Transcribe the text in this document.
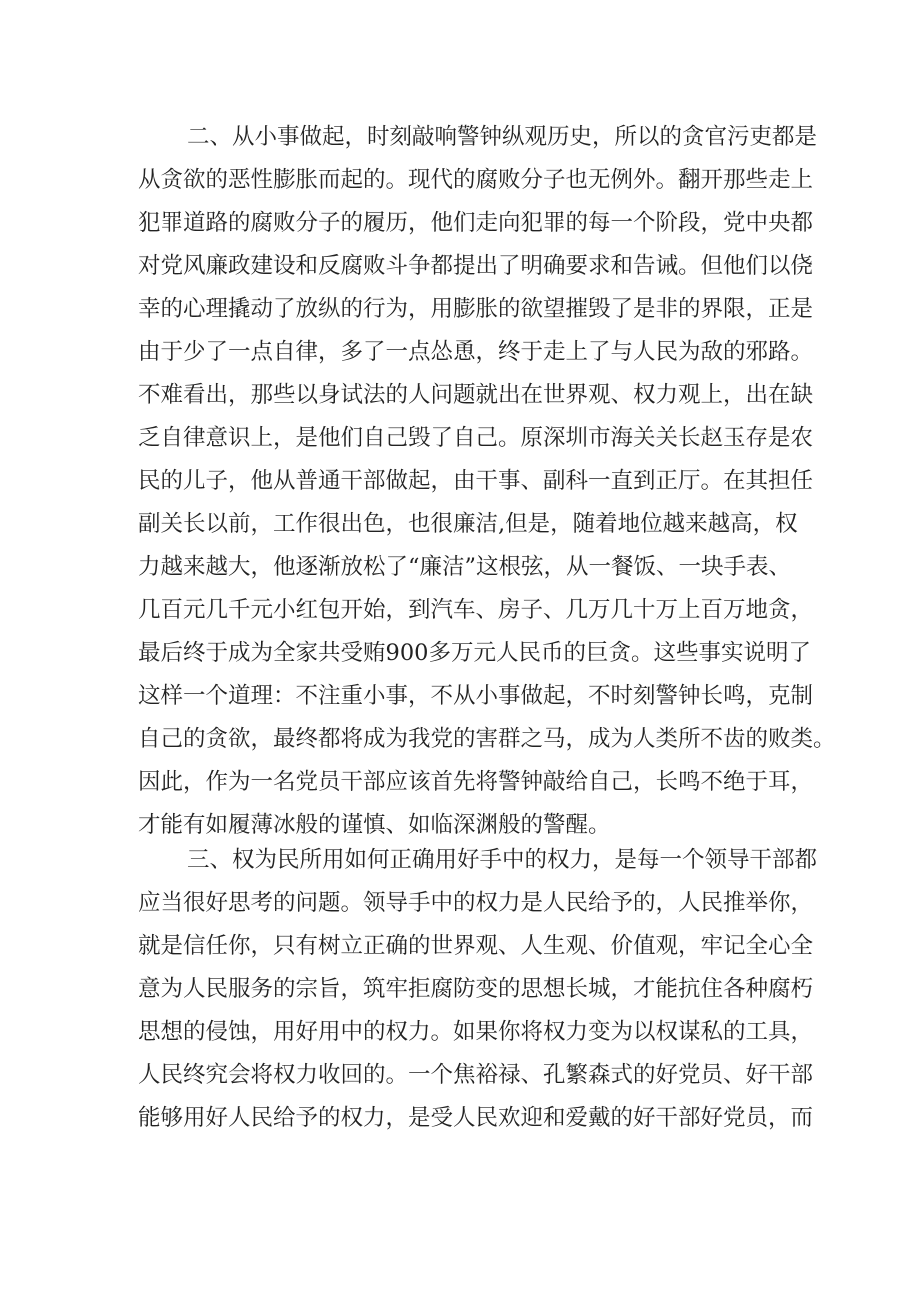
二、从小事做起，时刻敲响警钟纵观历史，所以的贪官污吏都是
从贪欲的恶性膨胀而起的。现代的腐败分子也无例外。翻开那些走上
犯罪道路的腐败分子的履历，他们走向犯罪的每一个阶段，党中央都
对党风廉政建设和反腐败斗争都提出了明确要求和告诫。但他们以侥
幸的心理撬动了放纵的行为，用膨胀的欲望摧毁了是非的界限，正是
由于少了一点自律，多了一点怂恿，终于走上了与人民为敌的邪路。
不难看出，那些以身试法的人问题就出在世界观、权力观上，出在缺
乏自律意识上，是他们自己毁了自己。原深圳市海关关长赵玉存是农
民的儿子，他从普通干部做起，由干事、副科一直到正厅。在其担任
副关长以前，工作很出色，也很廉洁,但是，随着地位越来越高，权
力越来越大，他逐渐放松了“廉洁”这根弦，从一餐饭、一块手表、
几百元几千元小红包开始，到汽车、房子、几万几十万上百万地贪，
最后终于成为全家共受贿900多万元人民币的巨贪。这些事实说明了
这样一个道理：不注重小事，不从小事做起，不时刻警钟长鸣，克制
自己的贪欲，最终都将成为我党的害群之马，成为人类所不齿的败类。
因此，作为一名党员干部应该首先将警钟敲给自己，长鸣不绝于耳，
才能有如履薄冰般的谨慎、如临深渊般的警醒。
三、权为民所用如何正确用好手中的权力，是每一个领导干部都
应当很好思考的问题。领导手中的权力是人民给予的，人民推举你，
就是信任你，只有树立正确的世界观、人生观、价值观，牢记全心全
意为人民服务的宗旨，筑牢拒腐防变的思想长城，才能抗住各种腐朽
思想的侵蚀，用好用中的权力。如果你将权力变为以权谋私的工具，
人民终究会将权力收回的。一个焦裕禄、孔繁森式的好党员、好干部
能够用好人民给予的权力，是受人民欢迎和爱戴的好干部好党员，而
